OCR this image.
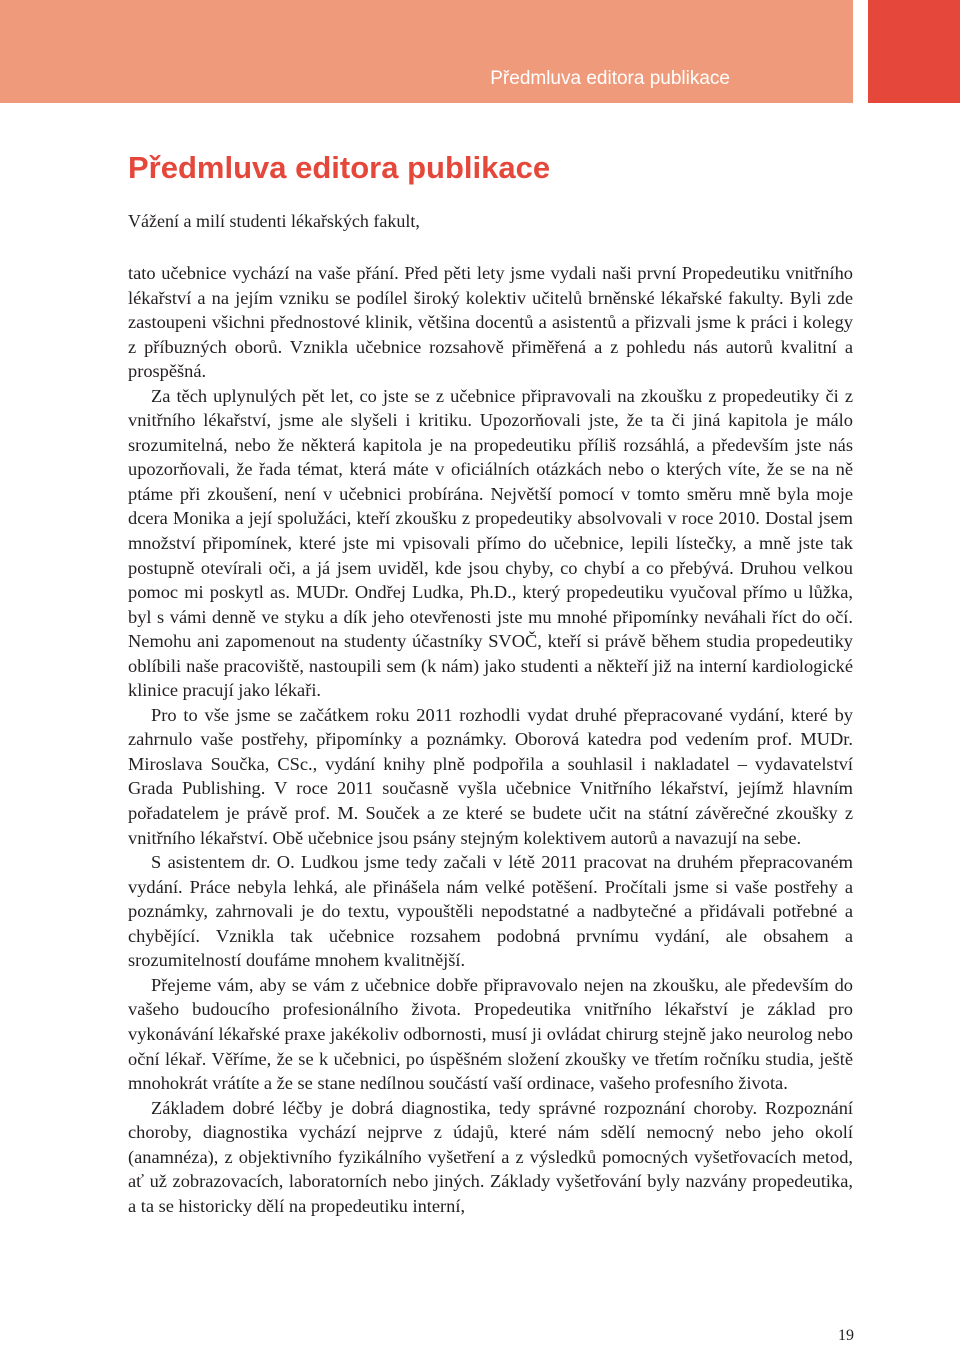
Předmluva editora publikace
Předmluva editora publikace

Vážení a milí studenti lékařských fakult,

tato učebnice vychází na vaše přání. Před pěti lety jsme vydali naši první Propedeutiku vnitřního lékařství a na jejím vzniku se podílel široký kolektiv učitelů brněnské lékařské fakulty. Byli zde zastoupeni všichni přednostové klinik, většina docentů a asistentů a přizvali jsme k práci i kolegy z příbuzných oborů. Vznikla učebnice rozsahově přiměřená a z pohledu nás autorů kvalitní a prospěšná.

Za těch uplynulých pět let, co jste se z učebnice připravovali na zkoušku z propedeutiky či z vnitřního lékařství, jsme ale slyšeli i kritiku. Upozorňovali jste, že ta či jiná kapitola je málo srozumitelná, nebo že některá kapitola je na propedeutiku příliš rozsáhlá, a především jste nás upozorňovali, že řada témat, která máte v oficiálních otázkách nebo o kterých víte, že se na ně ptáme při zkoušení, není v učebnici probírána. Největší pomocí v tomto směru mně byla moje dcera Monika a její spolužáci, kteří zkoušku z propedeutiky absolvovali v roce 2010. Dostal jsem množství připomínek, které jste mi vpisovali přímo do učebnice, lepili lístečky, a mně jste tak postupně otevírali oči, a já jsem uviděl, kde jsou chyby, co chybí a co přebývá. Druhou velkou pomoc mi poskytl as. MUDr. Ondřej Ludka, Ph.D., který propedeutiku vyučoval přímo u lůžka, byl s vámi denně ve styku a dík jeho otevřenosti jste mu mnohé připomínky neváhali říct do očí. Nemohu ani zapomenout na studenty účastníky SVOČ, kteří si právě během studia propedeutiky oblíbili naše pracoviště, nastoupili sem (k nám) jako studenti a někteří již na interní kardiologické klinice pracují jako lékaři.

Pro to vše jsme se začátkem roku 2011 rozhodli vydat druhé přepracované vydání, které by zahrnulo vaše postřehy, připomínky a poznámky. Oborová katedra pod vedením prof. MUDr. Miroslava Součka, CSc., vydání knihy plně podpořila a souhlasil i nakladatel – vydavatelství Grada Publishing. V roce 2011 současně vyšla učebnice Vnitřního lékařství, jejímž hlavním pořadatelem je právě prof. M. Souček a ze které se budete učit na státní závěrečné zkoušky z vnitřního lékařství. Obě učebnice jsou psány stejným kolektivem autorů a navazují na sebe.

S asistentem dr. O. Ludkou jsme tedy začali v létě 2011 pracovat na druhém přepracovaném vydání. Práce nebyla lehká, ale přinášela nám velké potěšení. Pročítali jsme si vaše postřehy a poznámky, zahrnovali je do textu, vypouštěli nepodstatné a nadbytečné a přidávali potřebné a chybějící. Vznikla tak učebnice rozsahem podobná prvnímu vydání, ale obsahem a srozumitelností doufáme mnohem kvalitnější.

Přejeme vám, aby se vám z učebnice dobře připravovalo nejen na zkoušku, ale především do vašeho budoucího profesionálního života. Propedeutika vnitřního lékařství je základ pro vykonávání lékařské praxe jakékoliv odbornosti, musí ji ovládat chirurg stejně jako neurolog nebo oční lékař. Věříme, že se k učebnici, po úspěšném složení zkoušky ve třetím ročníku studia, ještě mnohokrát vrátíte a že se stane nedílnou součástí vaší ordinace, vašeho profesního života.

Základem dobré léčby je dobrá diagnostika, tedy správné rozpoznání choroby. Rozpoznání choroby, diagnostika vychází nejprve z údajů, které nám sdělí nemocný nebo jeho okolí (anamnéza), z objektivního fyzikálního vyšetření a z výsledků pomocných vyšetřovacích metod, ať už zobrazovacích, laboratorních nebo jiných. Základy vyšetřování byly nazvány propedeutika, a ta se historicky dělí na propedeutiku interní,

19
